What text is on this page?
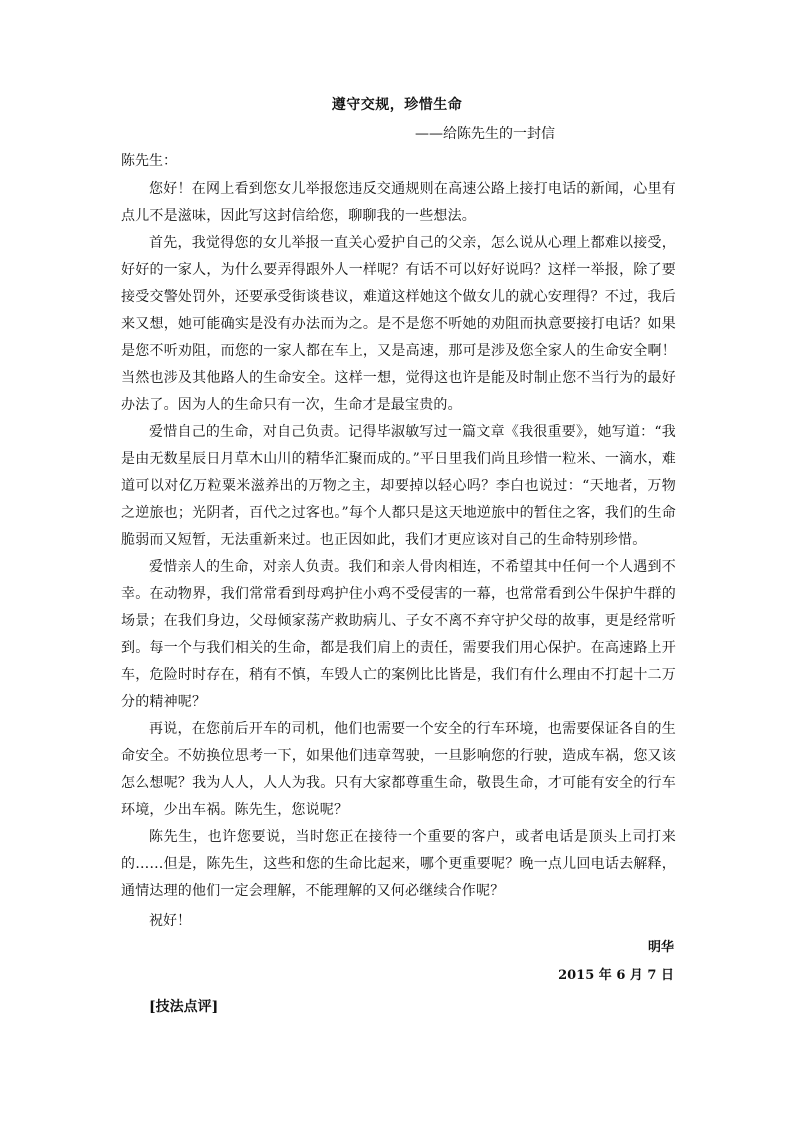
遵守交规，珍惜生命
——给陈先生的一封信
陈先生：

您好！在网上看到您女儿举报您违反交通规则在高速公路上接打电话的新闻，心里有点儿不是滋味，因此写这封信给您，聊聊我的一些想法。

首先，我觉得您的女儿举报一直关心爱护自己的父亲，怎么说从心理上都难以接受，好好的一家人，为什么要弄得跟外人一样呢？有话不可以好好说吗？这样一举报，除了要接受交警处罚外，还要承受街谈巷议，难道这样她这个做女儿的就心安理得？不过，我后来又想，她可能确实是没有办法而为之。是不是您不听她的劝阻而执意要接打电话？如果是您不听劝阻，而您的一家人都在车上，又是高速，那可是涉及您全家人的生命安全啊！当然也涉及其他路人的生命安全。这样一想，觉得这也许是能及时制止您不当行为的最好办法了。因为人的生命只有一次，生命才是最宝贵的。

爱惜自己的生命，对自己负责。记得毕淑敏写过一篇文章《我很重要》，她写道：“我是由无数星辰日月草木山川的精华汇聚而成的。”平日里我们尚且珍惜一粒米、一滴水，难道可以对亿万粒粟米滋养出的万物之主，却要掉以轻心吗？李白也说过：“天地者，万物之逆旅也；光阴者，百代之过客也。”每个人都只是这天地逆旅中的暂住之客，我们的生命脆弱而又短暂，无法重新来过。也正因如此，我们才更应该对自己的生命特别珍惜。

爱惜亲人的生命，对亲人负责。我们和亲人骨肉相连，不希望其中任何一个人遇到不幸。在动物界，我们常常看到母鸡护住小鸡不受侵害的一幕，也常常看到公牛保护牛群的场景；在我们身边，父母倾家荡产救助病儿、子女不离不弃守护父母的故事，更是经常听到。每一个与我们相关的生命，都是我们肩上的责任，需要我们用心保护。在高速路上开车，危险时时存在，稍有不慎，车毁人亡的案例比比皆是，我们有什么理由不打起十二万分的精神呢？

再说，在您前后开车的司机，他们也需要一个安全的行车环境，也需要保证各自的生命安全。不妨换位思考一下，如果他们违章驾驶，一旦影响您的行驶，造成车祸，您又该怎么想呢？我为人人，人人为我。只有大家都尊重生命，敬畏生命，才可能有安全的行车环境，少出车祸。陈先生，您说呢？

陈先生，也许您要说，当时您正在接待一个重要的客户，或者电话是顶头上司打来的……但是，陈先生，这些和您的生命比起来，哪个更重要呢？晚一点儿回电话去解释，通情达理的他们一定会理解，不能理解的又何必继续合作呢？

祝好！
明华
2015 年 6 月 7 日
[技法点评]
